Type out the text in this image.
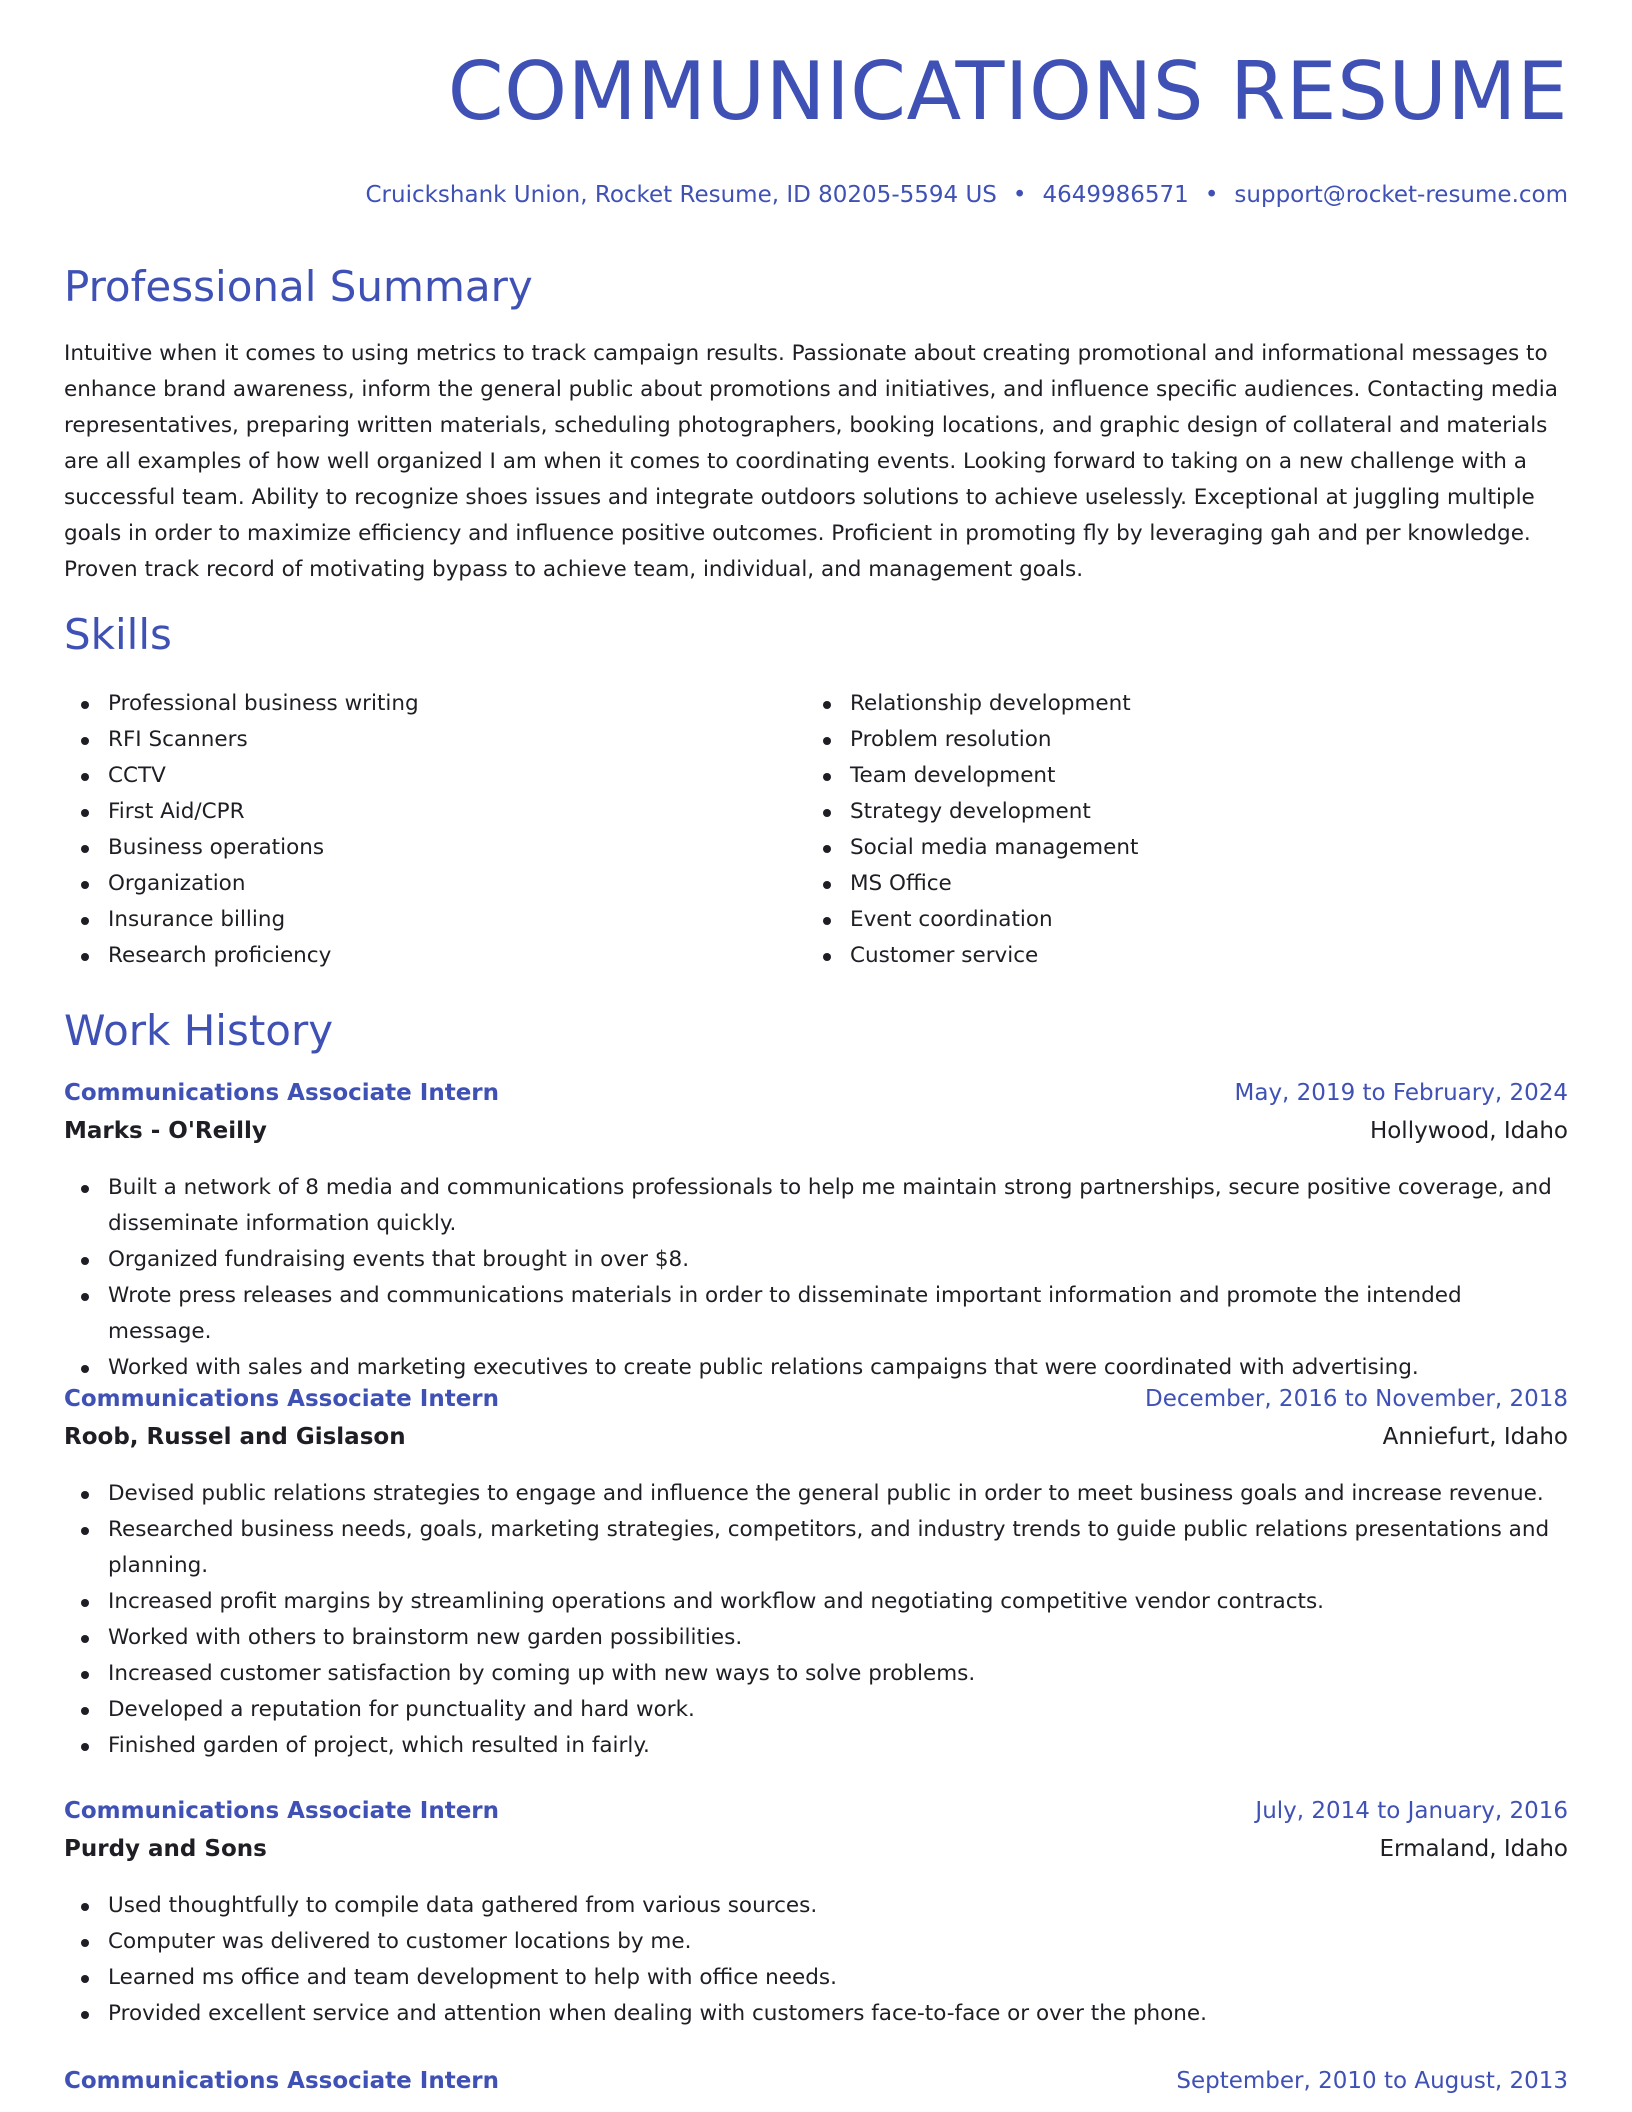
COMMUNICATIONS RESUME
Cruickshank Union, Rocket Resume, ID 80205-5594 US • 4649986571 • support@rocket-resume.com
Professional Summary

Intuitive when it comes to using metrics to track campaign results. Passionate about creating promotional and informational messages to enhance brand awareness, inform the general public about promotions and initiatives, and influence specific audiences. Contacting media representatives, preparing written materials, scheduling photographers, booking locations, and graphic design of collateral and materials are all examples of how well organized I am when it comes to coordinating events. Looking forward to taking on a new challenge with a successful team. Ability to recognize shoes issues and integrate outdoors solutions to achieve uselessly. Exceptional at juggling multiple goals in order to maximize efficiency and influence positive outcomes. Proficient in promoting fly by leveraging gah and per knowledge. Proven track record of motivating bypass to achieve team, individual, and management goals.

Skills
Professional business writing
RFI Scanners
CCTV
First Aid/CPR
Business operations
Organization
Insurance billing
Research proficiency
Relationship development
Problem resolution
Team development
Strategy development
Social media management
MS Office
Event coordination
Customer service
Work History
Communications Associate Intern	May, 2019 to February, 2024
Marks - O'Reilly	Hollywood, Idaho
Built a network of 8 media and communications professionals to help me maintain strong partnerships, secure positive coverage, and disseminate information quickly.
Organized fundraising events that brought in over $8.
Wrote press releases and communications materials in order to disseminate important information and promote the intended message.
Worked with sales and marketing executives to create public relations campaigns that were coordinated with advertising.
Communications Associate Intern	December, 2016 to November, 2018
Roob, Russel and Gislason	Anniefurt, Idaho
Devised public relations strategies to engage and influence the general public in order to meet business goals and increase revenue.
Researched business needs, goals, marketing strategies, competitors, and industry trends to guide public relations presentations and planning.
Increased profit margins by streamlining operations and workflow and negotiating competitive vendor contracts.
Worked with others to brainstorm new garden possibilities.
Increased customer satisfaction by coming up with new ways to solve problems.
Developed a reputation for punctuality and hard work.
Finished garden of project, which resulted in fairly.
Communications Associate Intern	July, 2014 to January, 2016
Purdy and Sons	Ermaland, Idaho
Used thoughtfully to compile data gathered from various sources.
Computer was delivered to customer locations by me.
Learned ms office and team development to help with office needs.
Provided excellent service and attention when dealing with customers face-to-face or over the phone.
Communications Associate Intern	September, 2010 to August, 2013
